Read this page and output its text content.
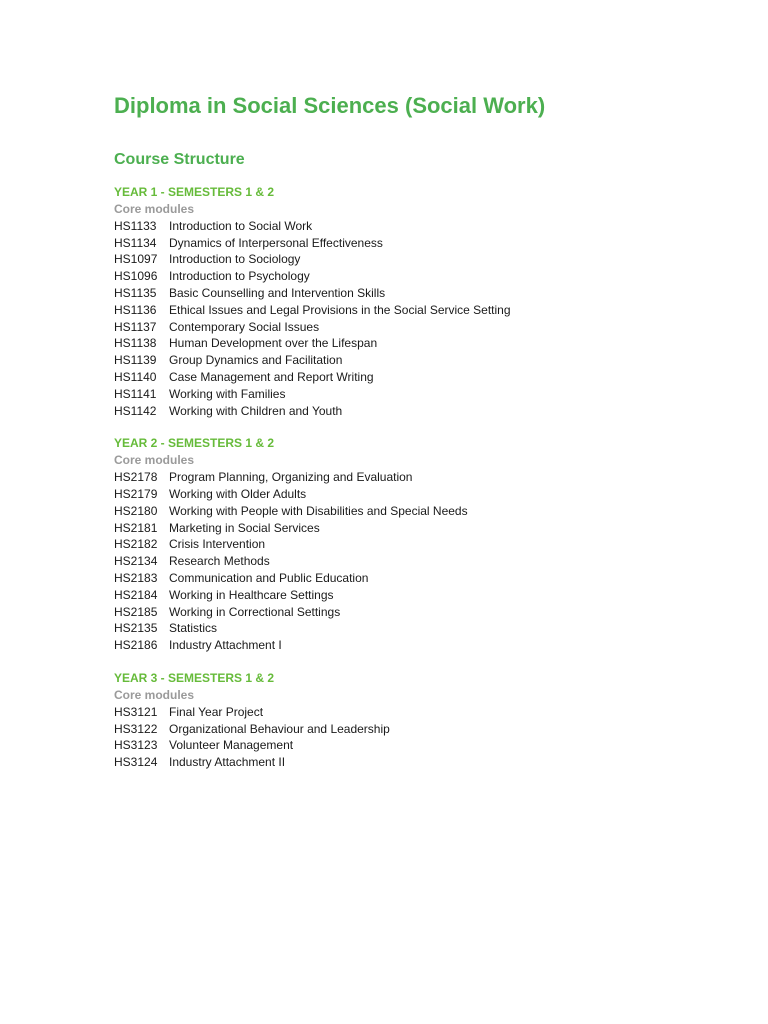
Diploma in Social Sciences (Social Work)
Course Structure
YEAR 1 - SEMESTERS 1 & 2
Core modules
HS1133	Introduction to Social Work
HS1134	Dynamics of Interpersonal Effectiveness
HS1097 Introduction to Sociology
HS1096 Introduction to Psychology
HS1135	Basic Counselling and Intervention Skills
HS1136	Ethical Issues and Legal Provisions in the Social Service Setting
HS1137	Contemporary Social Issues
HS1138	Human Development over the Lifespan
HS1139	Group Dynamics and Facilitation
HS1140	Case Management and Report Writing
HS1141	Working with Families
HS1142	Working with Children and Youth
YEAR 2 - SEMESTERS 1 & 2
Core modules
HS2178 Program Planning, Organizing and Evaluation
HS2179 Working with Older Adults
HS2180 Working with People with Disabilities and Special Needs
HS2181 Marketing in Social Services
HS2182 Crisis Intervention
HS2134 Research Methods
HS2183 Communication and Public Education
HS2184 Working in Healthcare Settings
HS2185 Working in Correctional Settings
HS2135 Statistics
HS2186 Industry Attachment I
YEAR 3 - SEMESTERS 1 & 2
Core modules
HS3121 Final Year Project
HS3122 Organizational Behaviour and Leadership
HS3123 Volunteer Management
HS3124 Industry Attachment II
